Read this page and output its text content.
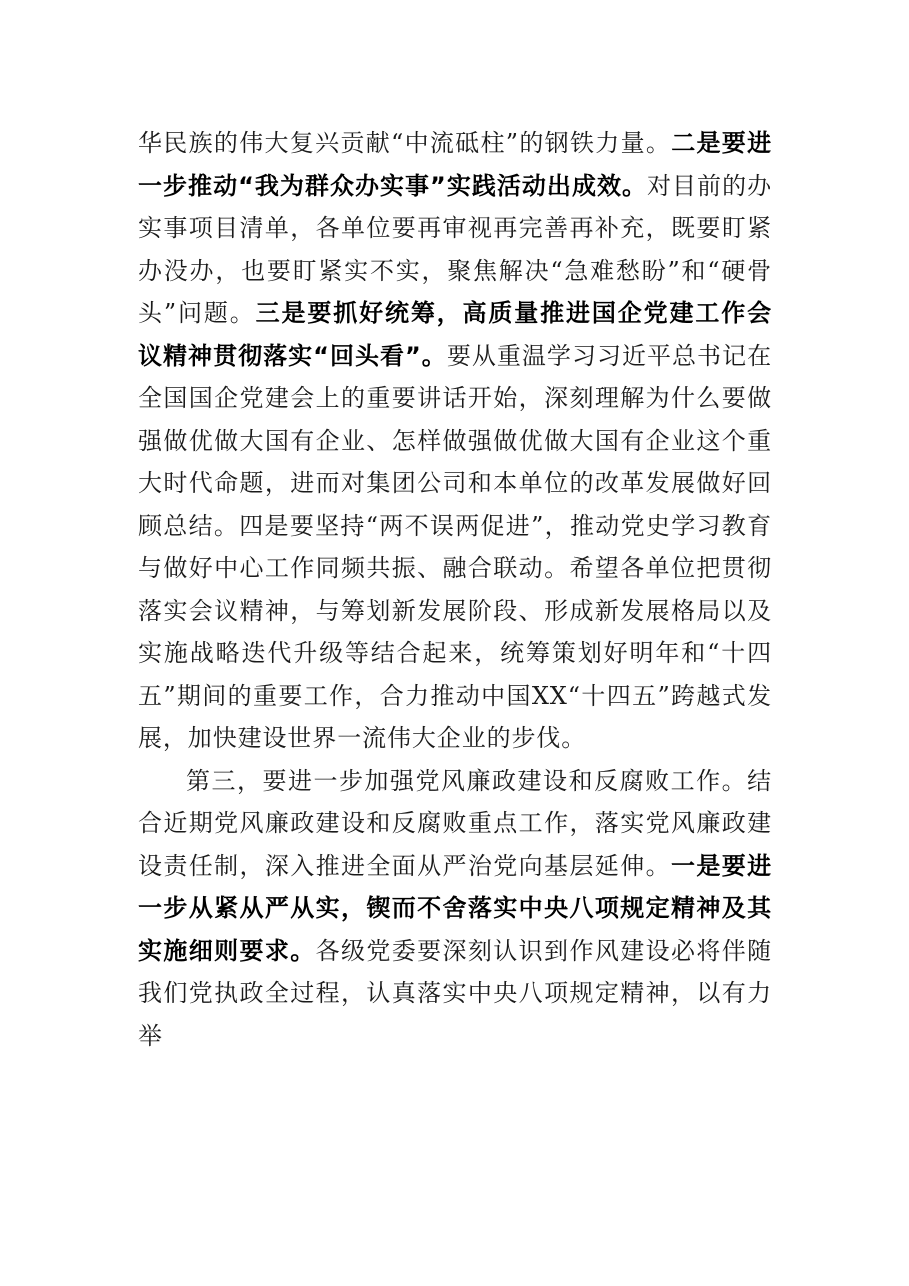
华民族的伟大复兴贡献“中流砥柱”的钢铁力量。二是要进一步推动“我为群众办实事”实践活动出成效。对目前的办实事项目清单，各单位要再审视再完善再补充，既要盯紧办没办，也要盯紧实不实，聚焦解决“急难愁盼”和“硬骨头”问题。三是要抓好统筹，高质量推进国企党建工作会议精神贯彻落实“回头看”。要从重温学习习近平总书记在全国国企党建会上的重要讲话开始，深刻理解为什么要做强做优做大国有企业、怎样做强做优做大国有企业这个重大时代命题，进而对集团公司和本单位的改革发展做好回顾总结。四是要坚持“两不误两促进”，推动党史学习教育与做好中心工作同频共振、融合联动。希望各单位把贯彻落实会议精神，与筹划新发展阶段、形成新发展格局以及实施战略迭代升级等结合起来，统筹策划好明年和“十四五”期间的重要工作，合力推动中国XX“十四五”跨越式发展，加快建设世界一流伟大企业的步伐。

第三，要进一步加强党风廉政建设和反腐败工作。结合近期党风廉政建设和反腐败重点工作，落实党风廉政建设责任制，深入推进全面从严治党向基层延伸。一是要进一步从紧从严从实，锲而不舍落实中央八项规定精神及其实施细则要求。各级党委要深刻认识到作风建设必将伴随我们党执政全过程，认真落实中央八项规定精神，以有力举
